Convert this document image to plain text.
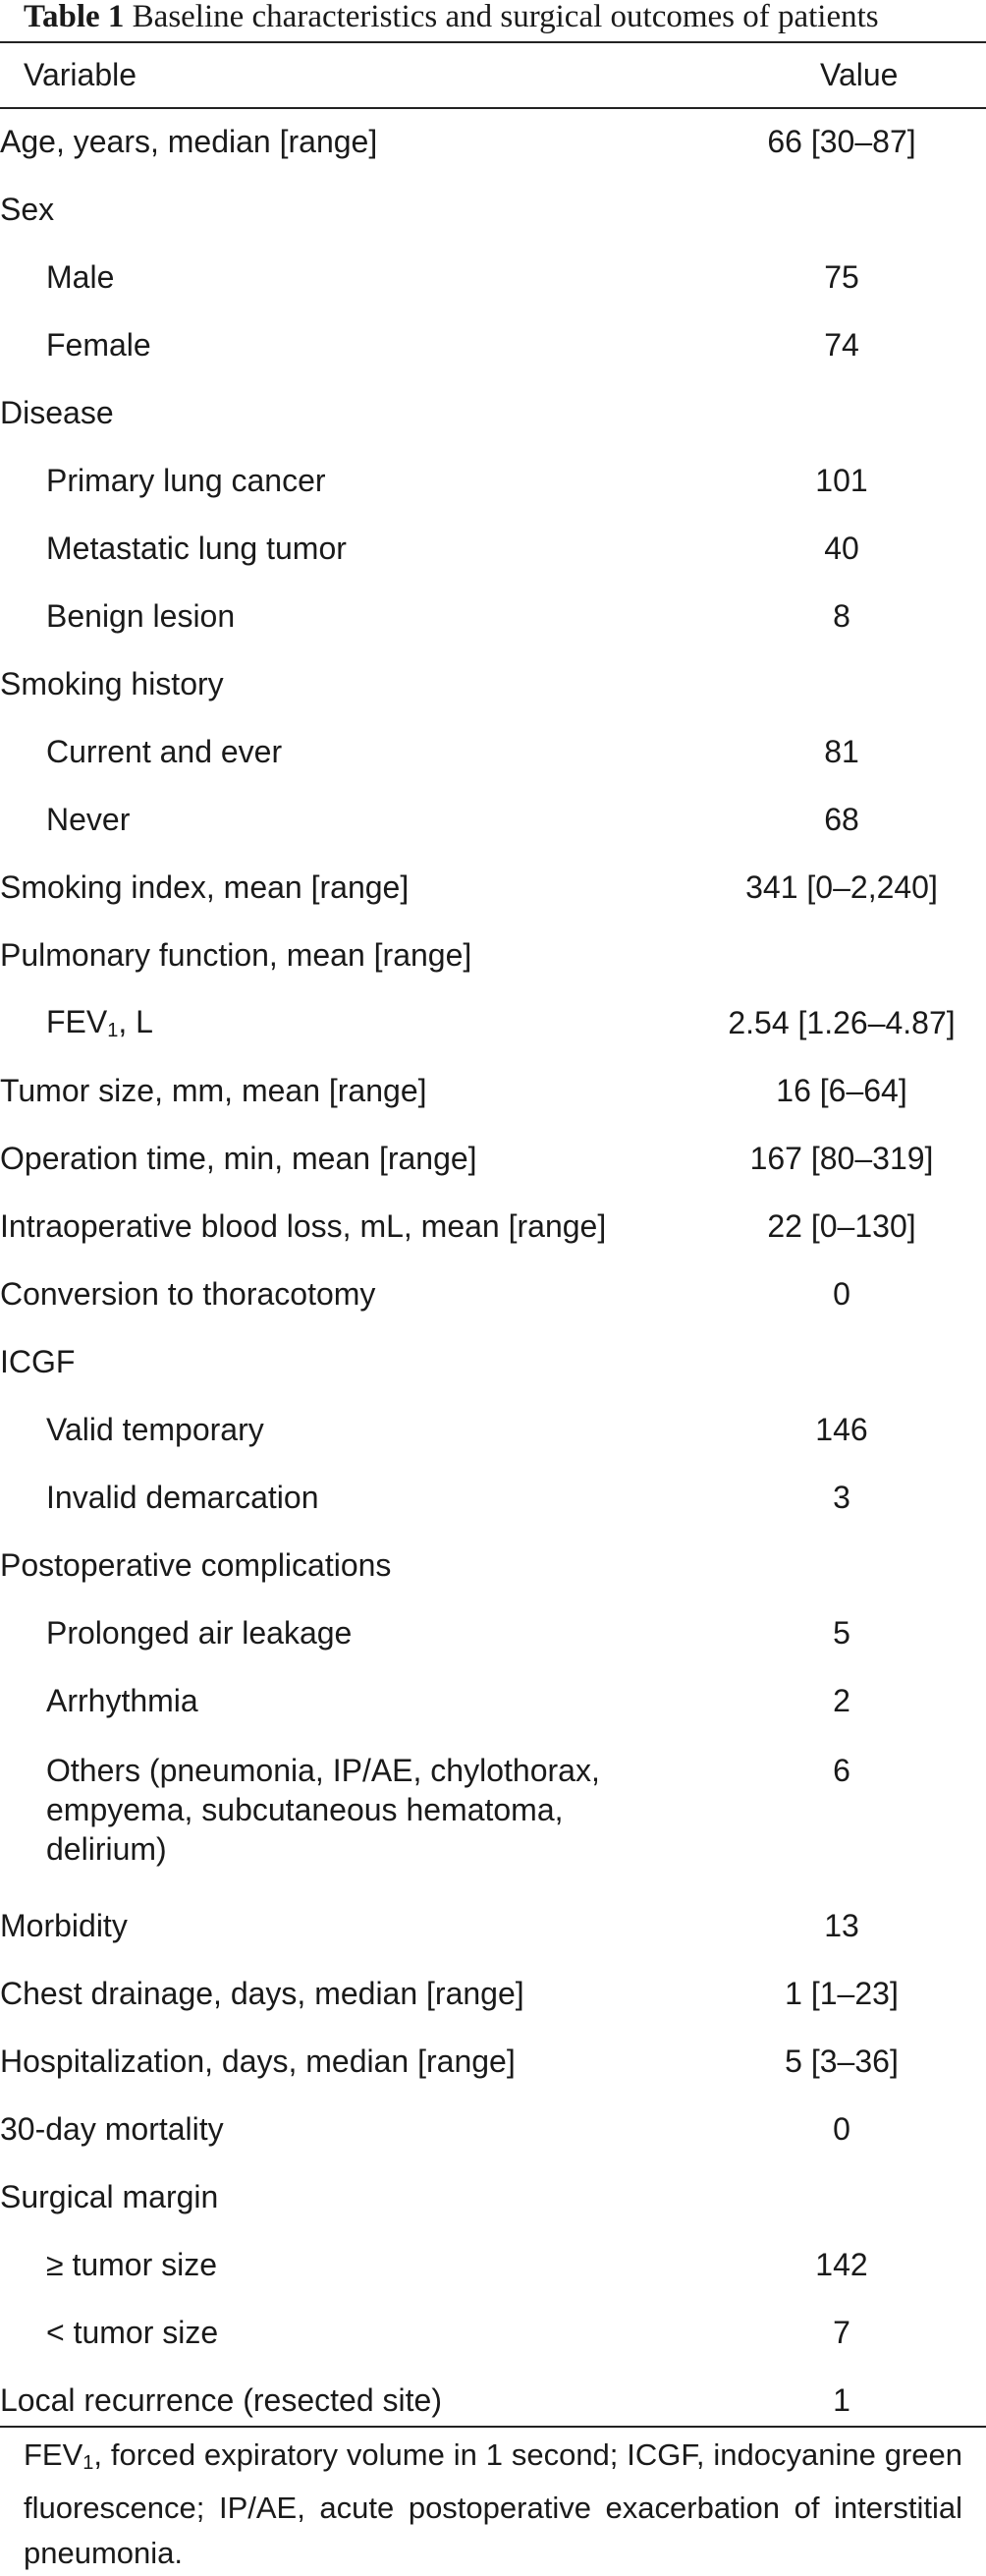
Table 1 Baseline characteristics and surgical outcomes of patients
Variable	Value
Age, years, median [range]	66 [30–87]
Sex	
Male	75
Female	74
Disease	
Primary lung cancer	101
Metastatic lung tumor	40
Benign lesion	8
Smoking history	
Current and ever	81
Never	68
Smoking index, mean [range]	341 [0–2,240]
Pulmonary function, mean [range]	
$FEV_1$, L	2.54 [1.26–4.87]
Tumor size, mm, mean [range]	16 [6–64]
Operation time, min, mean [range]	167 [80–319]
Intraoperative blood loss, mL, mean [range]	22 [0–130]
Conversion to thoracotomy	0
ICGF	
Valid temporary	146
Invalid demarcation	3
Postoperative complications	
Prolonged air leakage	5
Arrhythmia	2

Others (pneumonia, IP/AE, chylothorax,
empyema, subcutaneous hematoma,
delirium)	6
Morbidity	13
Chest drainage, days, median [range]	1 [1–23]
Hospitalization, days, median [range]	5 [3–36]
30-day mortality	0
Surgical margin	
≥ tumor size	142
< tumor size	7
Local recurrence (resected site)	1
$FEV_1$, forced expiratory volume in 1 second; ICGF, indocyanine green fluorescence; IP/AE, acute postoperative exacerbation of interstitial pneumonia.
